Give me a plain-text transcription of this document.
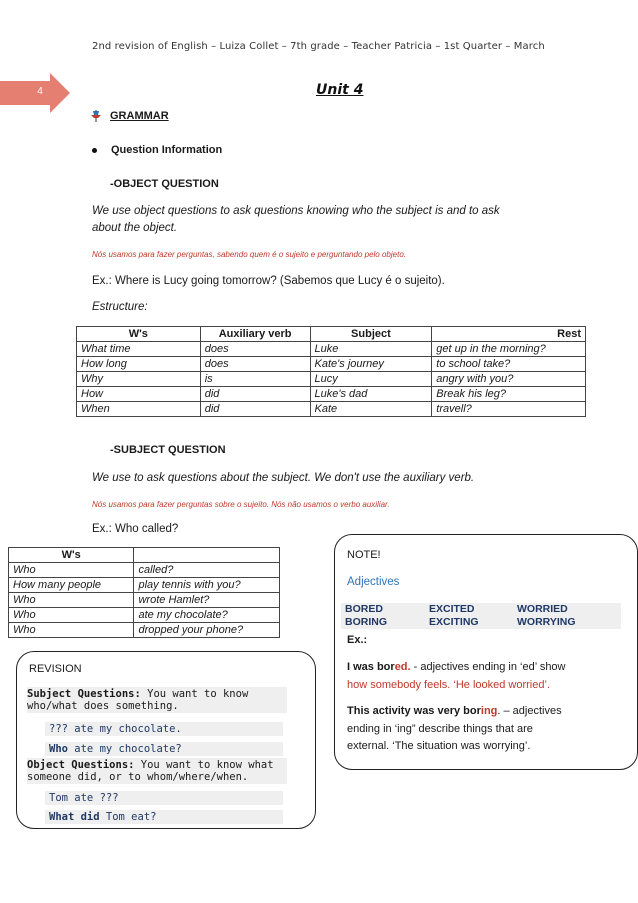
2nd revision of English – Luiza Collet – 7th grade – Teacher Patricia – 1st Quarter – March
4	Unit 4
GRAMMAR
Question Information
-OBJECT QUESTION
We use object questions to ask questions knowing who the subject is and to ask
about the object.
Nós usamos para fazer perguntas, sabendo quem é o sujeito e perguntando pelo objeto.
Ex.: Where is Lucy going tomorrow? (Sabemos que Lucy é o sujeito).
Estructure:
W's	Auxiliary verb	Subject	Rest
What time	does	Luke	get up in the morning?
How long	does	Kate's journey	to school take?
Why	is	Lucy	angry with you?
How	did	Luke's dad	Break his leg?
When	did	Kate	travell?
-SUBJECT QUESTION
We use to ask questions about the subject. We don't use the auxiliary verb.
Nós usamos para fazer perguntas sobre o sujeito. Nós não usamos o verbo auxiliar.
Ex.: Who called?
W's	
Who	called?
How many people	play tennis with you?
Who	wrote Hamlet?
Who	ate my chocolate?
Who	dropped your phone?
NOTE!
Adjectives
BORED	EXCITED	WORRIED
BORING	EXCITING	WORRYING
Ex.:
I was bored. - adjectives ending in ‘ed’ show
how somebody feels. ‘He looked worried’.
This activity was very boring. – adjectives
ending in ‘ing” describe things that are
external. ‘The situation was worrying’.
REVISION
Subject Questions: You want to know
who/what does something.
??? ate my chocolate.
Who ate my chocolate?
Object Questions: You want to know what
someone did, or to whom/where/when.
Tom ate ???
What did Tom eat?
